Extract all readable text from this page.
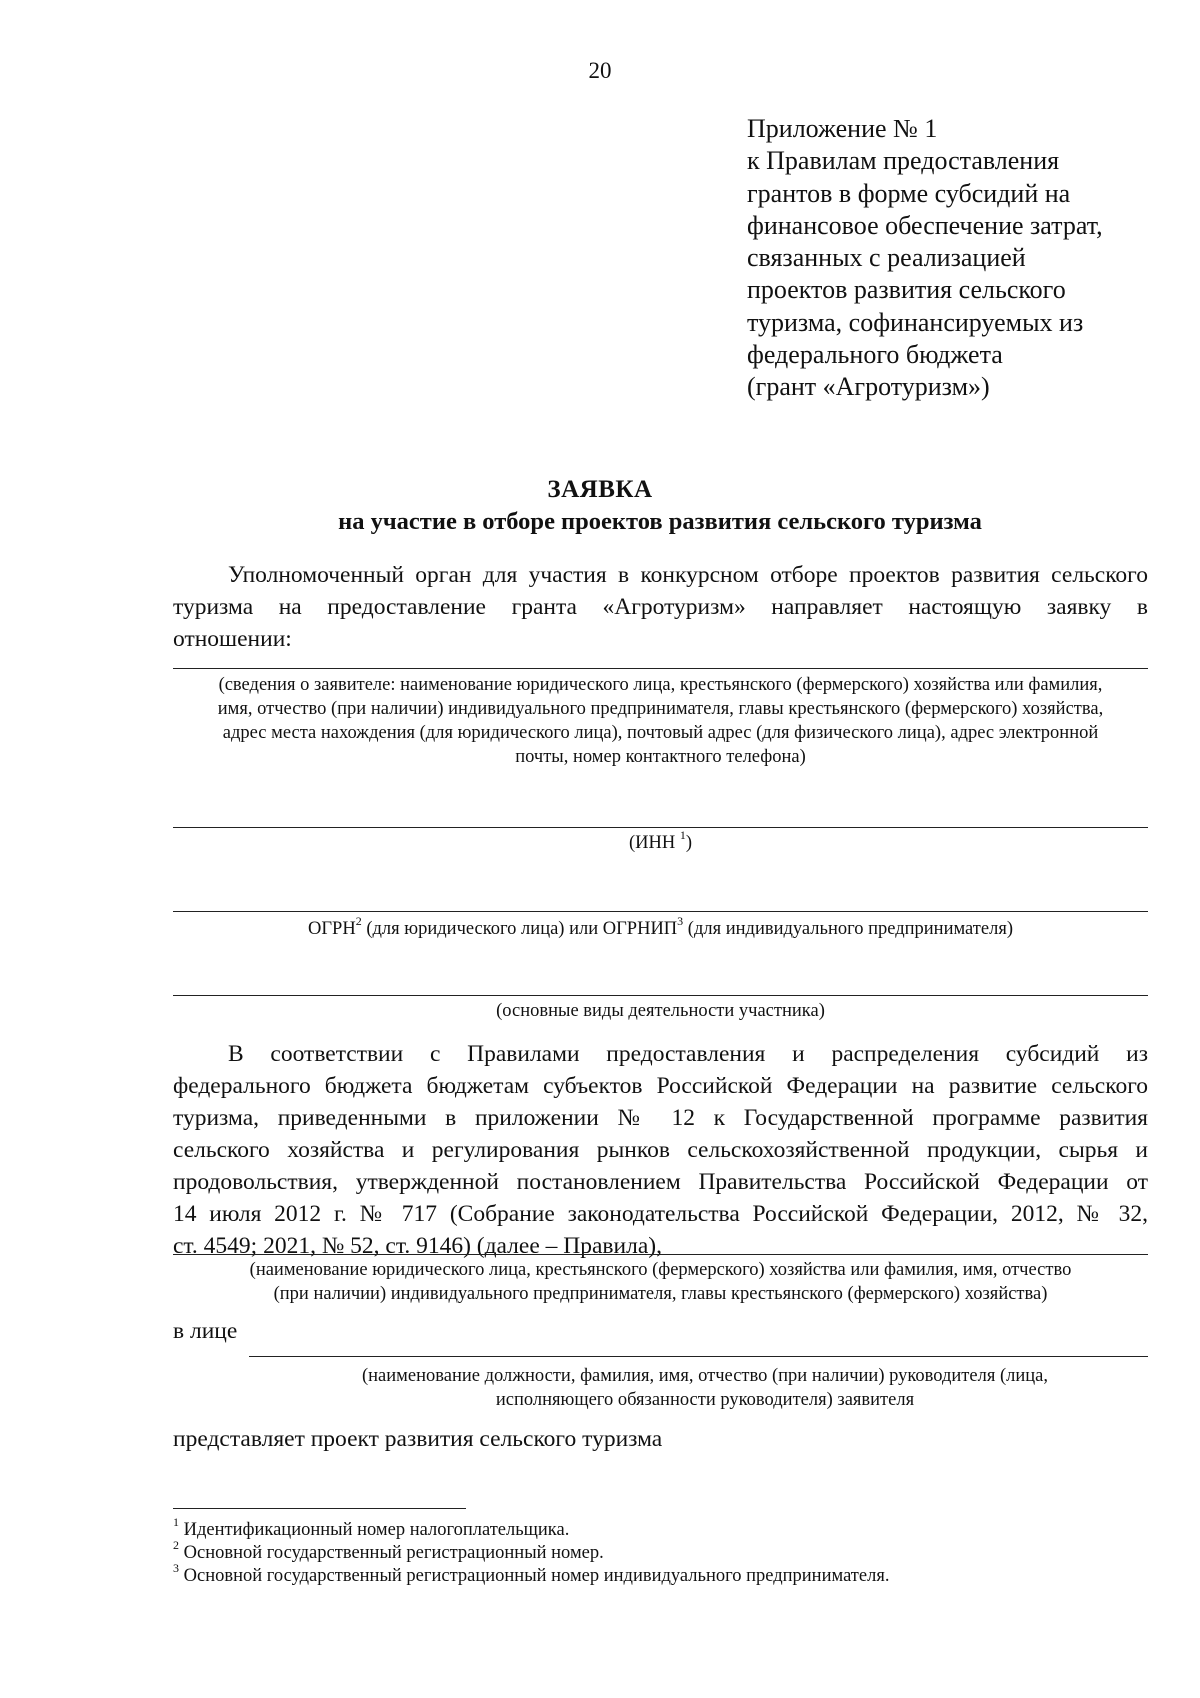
20
Приложение № 1
к Правилам предоставления
грантов в форме субсидий на
финансовое обеспечение затрат,
связанных с реализацией
проектов развития сельского
туризма, софинансируемых из
федерального бюджета
(грант «Агротуризм»)
ЗАЯВКА
на участие в отборе проектов развития сельского туризма
Уполномоченный орган для участия в конкурсном отборе проектов развития сельского
туризма на предоставление гранта «Агротуризм» направляет настоящую заявку в
отношении:
(сведения о заявителе: наименование юридического лица, крестьянского (фермерского) хозяйства или фамилия,
имя, отчество (при наличии) индивидуального предпринимателя, главы крестьянского (фермерского) хозяйства,
адрес места нахождения (для юридического лица), почтовый адрес (для физического лица), адрес электронной
почты, номер контактного телефона)
(ИНН $^1$)
ОГРН$^2$ (для юридического лица) или ОГРНИП$^3$ (для индивидуального предпринимателя)
(основные виды деятельности участника)
В соответствии с Правилами предоставления и распределения субсидий из
федерального бюджета бюджетам субъектов Российской Федерации на развитие сельского
туризма, приведенными в приложении № 12 к Государственной программе развития
сельского хозяйства и регулирования рынков сельскохозяйственной продукции, сырья и
продовольствия, утвержденной постановлением Правительства Российской Федерации от
14 июля 2012 г. № 717 (Собрание законодательства Российской Федерации, 2012, № 32,
ст. 4549; 2021, № 52, ст. 9146) (далее – Правила),
(наименование юридического лица, крестьянского (фермерского) хозяйства или фамилия, имя, отчество
(при наличии) индивидуального предпринимателя, главы крестьянского (фермерского) хозяйства)
в лице
(наименование должности, фамилия, имя, отчество (при наличии) руководителя (лица,
исполняющего обязанности руководителя) заявителя
представляет проект развития сельского туризма
$^1$ Идентификационный номер налогоплательщика.
$^2$ Основной государственный регистрационный номер.
$^3$ Основной государственный регистрационный номер индивидуального предпринимателя.
